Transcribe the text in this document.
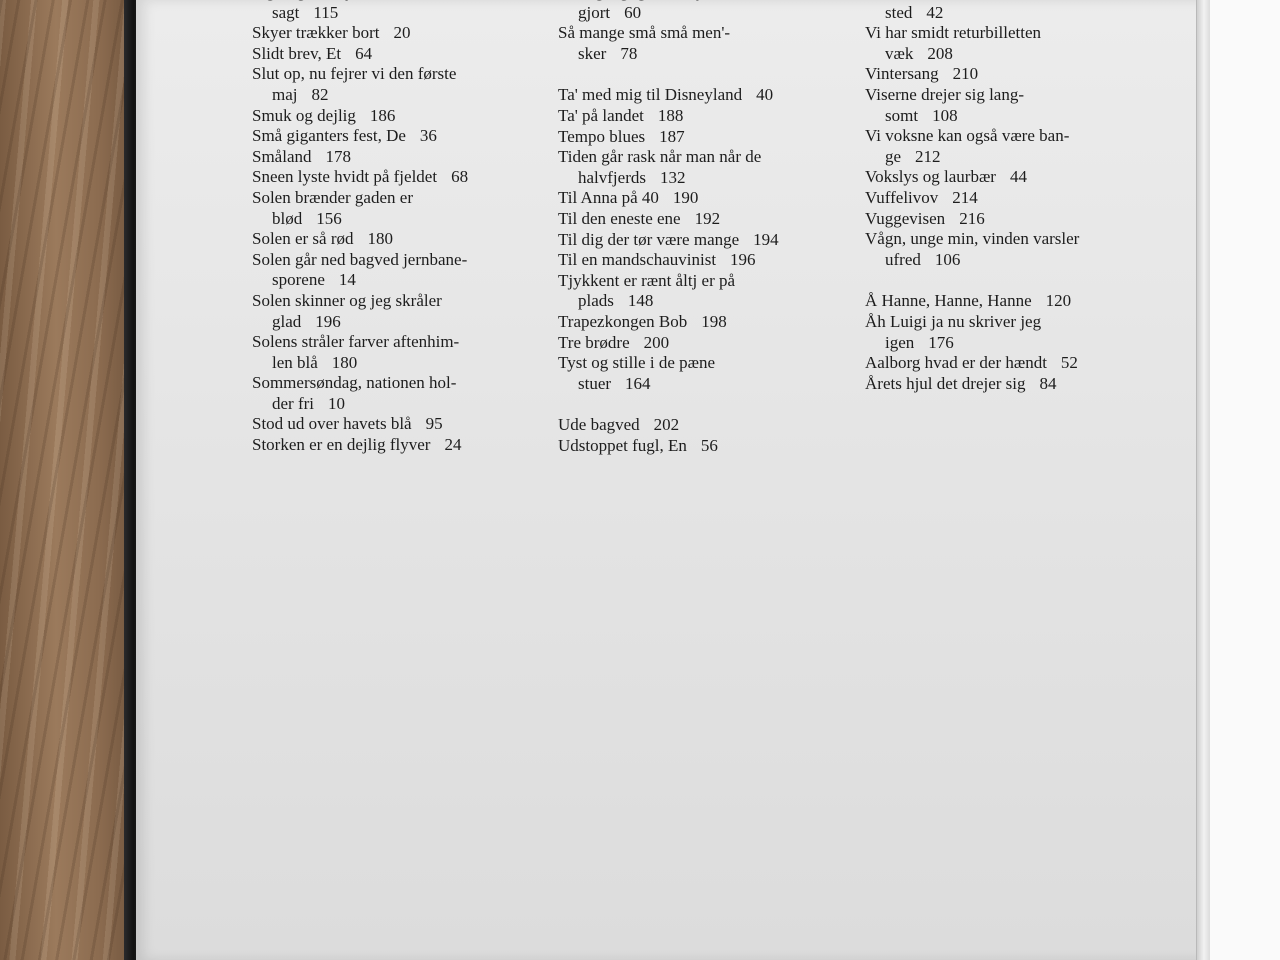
sagt 115
Skyer trækker bort 20
Slidt brev, Et 64
Slut op, nu fejrer vi den første
maj 82
Smuk og dejlig 186
Små giganters fest, De 36
Småland 178
Sneen lyste hvidt på fjeldet 68
Solen brænder gaden er
blød 156
Solen er så rød 180
Solen går ned bagved jernbane-
sporene 14
Solen skinner og jeg skråler
glad 196
Solens stråler farver aftenhim-
len blå 180
Sommersøndag, nationen hol-
der fri 10
Stod ud over havets blå 95
Storken er en dejlig flyver 24
gjort 60
Så mange små små men'-
sker 78
Ta' med mig til Disneyland 40
Ta' på landet 188
Tempo blues 187
Tiden går rask når man når de
halvfjerds 132
Til Anna på 40 190
Til den eneste ene 192
Til dig der tør være mange 194
Til en mandschauvinist 196
Tjykkent er rænt åltj er på
plads 148
Trapezkongen Bob 198
Tre brødre 200
Tyst og stille i de pæne
stuer 164
Ude bagved 202
Udstoppet fugl, En 56
sted 42
Vi har smidt returbilletten
væk 208
Vintersang 210
Viserne drejer sig lang-
somt 108
Vi voksne kan også være ban-
ge 212
Vokslys og laurbær 44
Vuffelivov 214
Vuggevisen 216
Vågn, unge min, vinden varsler
ufred 106
Å Hanne, Hanne, Hanne 120
Åh Luigi ja nu skriver jeg
igen 176
Aalborg hvad er der hændt 52
Årets hjul det drejer sig 84
